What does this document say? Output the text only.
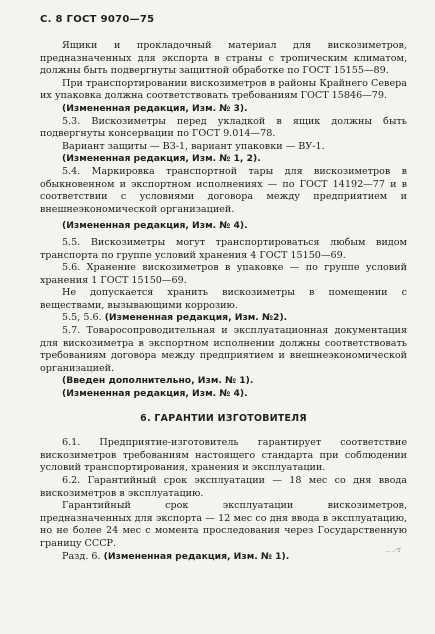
С. 8 ГОСТ 9070—75

Ящики и прокладочный материал для вискозиметров, предназначенных для экспорта в страны с тропическим климатом, должны быть подвергнуты защитной обработке по ГОСТ 15155—89.

При транспортировании вискозиметров в районы Крайнего Севера их упаковка должна соответствовать требованиям ГОСТ 15846—79.

(Измененная редакция, Изм. № 3).

5.3. Вискозиметры перед укладкой в ящик должны быть подвергнуты консервации по ГОСТ 9.014—78.

Вариант защиты — ВЗ-1, вариант упаковки — ВУ-1.

(Измененная редакция, Изм. № 1, 2).

5.4. Маркировка транспортной тары для вискозиметров в обыкновенном и экспортном исполнениях — по ГОСТ 14192—77 и в соответствии с условиями договора между предприятием и внешнеэкономической организацией.

(Измененная редакция, Изм. № 4).

5.5. Вискозиметры могут транспортироваться любым видом транспорта по группе условий хранения 4 ГОСТ 15150—69.

5.6. Хранение вискозиметров в упаковке — по группе условий хранения 1 ГОСТ 15150—69.

Не допускается хранить вискозиметры в помещении с веществами, вызывающими коррозию.

5.5, 5.6. (Измененная редакция, Изм. №2).

5.7. Товаросопроводительная и эксплуатационная документация для вискозиметра в экспортном исполнении должны соответствовать требованиям договора между предприятием и внешнеэкономической организацией.

(Введен дополнительно, Изм. № 1).

(Измененная редакция, Изм. № 4).

6. ГАРАНТИИ ИЗГОТОВИТЕЛЯ

6.1. Предприятие-изготовитель гарантирует соответствие вискозиметров требованиям настоящего стандарта при соблюдении условий транспортирования, хранения и эксплуатации.

6.2. Гарантийный срок эксплуатации — 18 мес со дня ввода вискозиметров в эксплуатацию.

Гарантийный срок эксплуатации вискозиметров, предназначенных для экспорта — 12 мес со дня ввода в эксплуатацию, но не более 24 мес с момента проследования через Государственную границу СССР.

Разд. 6. (Измененная редакция, Изм. № 1).

.. .-т
